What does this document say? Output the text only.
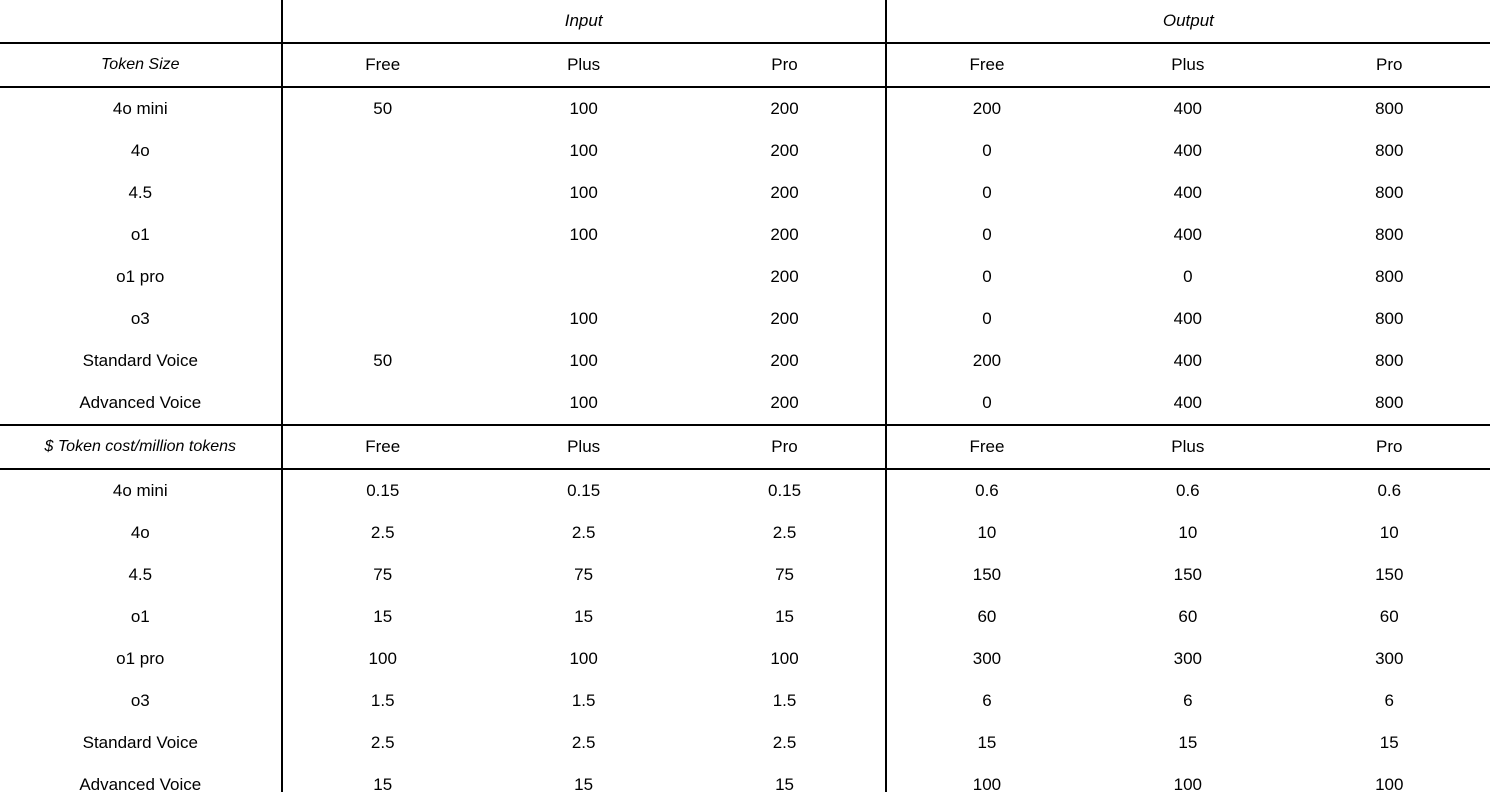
	Input			Output		
Token Size	Free	Plus	Pro	Free	Plus	Pro
4o mini	50	100	200	200	400	800
4o		100	200	0	400	800
4.5		100	200	0	400	800
o1		100	200	0	400	800
o1 pro			200	0	0	800
o3		100	200	0	400	800
Standard Voice	50	100	200	200	400	800
Advanced Voice		100	200	0	400	800
$ Token cost/million tokens	Free	Plus	Pro	Free	Plus	Pro
4o mini	0.15	0.15	0.15	0.6	0.6	0.6
4o	2.5	2.5	2.5	10	10	10
4.5	75	75	75	150	150	150
o1	15	15	15	60	60	60
o1 pro	100	100	100	300	300	300
o3	1.5	1.5	1.5	6	6	6
Standard Voice	2.5	2.5	2.5	15	15	15
Advanced Voice	15	15	15	100	100	100
